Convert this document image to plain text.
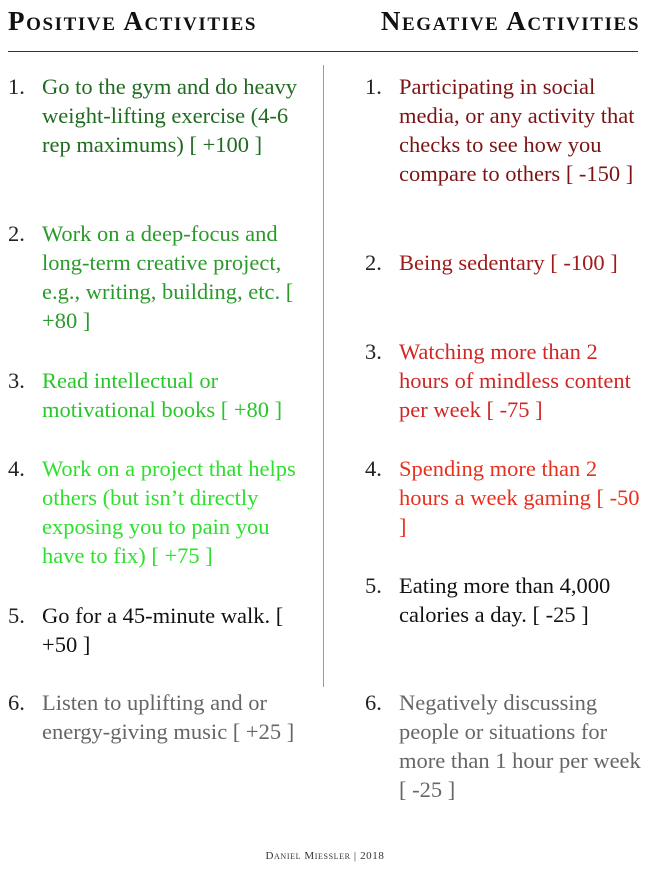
Positive Activities	Negative Activities
1. Go to the gym and do heavy weight-lifting exercise (4-6 rep maximums) [ +100 ]
2. Work on a deep-focus and long-term creative project, e.g., writing, building, etc. [ +80 ]
3. Read intellectual or motivational books [ +80 ]
4. Work on a project that helps others (but isn’t directly exposing you to pain you have to fix) [ +75 ]
5. Go for a 45-minute walk. [ +50 ]
6. Listen to uplifting and or energy-giving music [ +25 ]
1. Participating in social media, or any activity that checks to see how you compare to others [ -150 ]
2. Being sedentary [ -100 ]
3. Watching more than 2 hours of mindless content per week [ -75 ]
4. Spending more than 2 hours a week gaming [ -50 ]
5. Eating more than 4,000 calories a day. [ -25 ]
6. Negatively discussing people or situations for more than 1 hour per week [ -25 ]
Daniel Miessler | 2018
